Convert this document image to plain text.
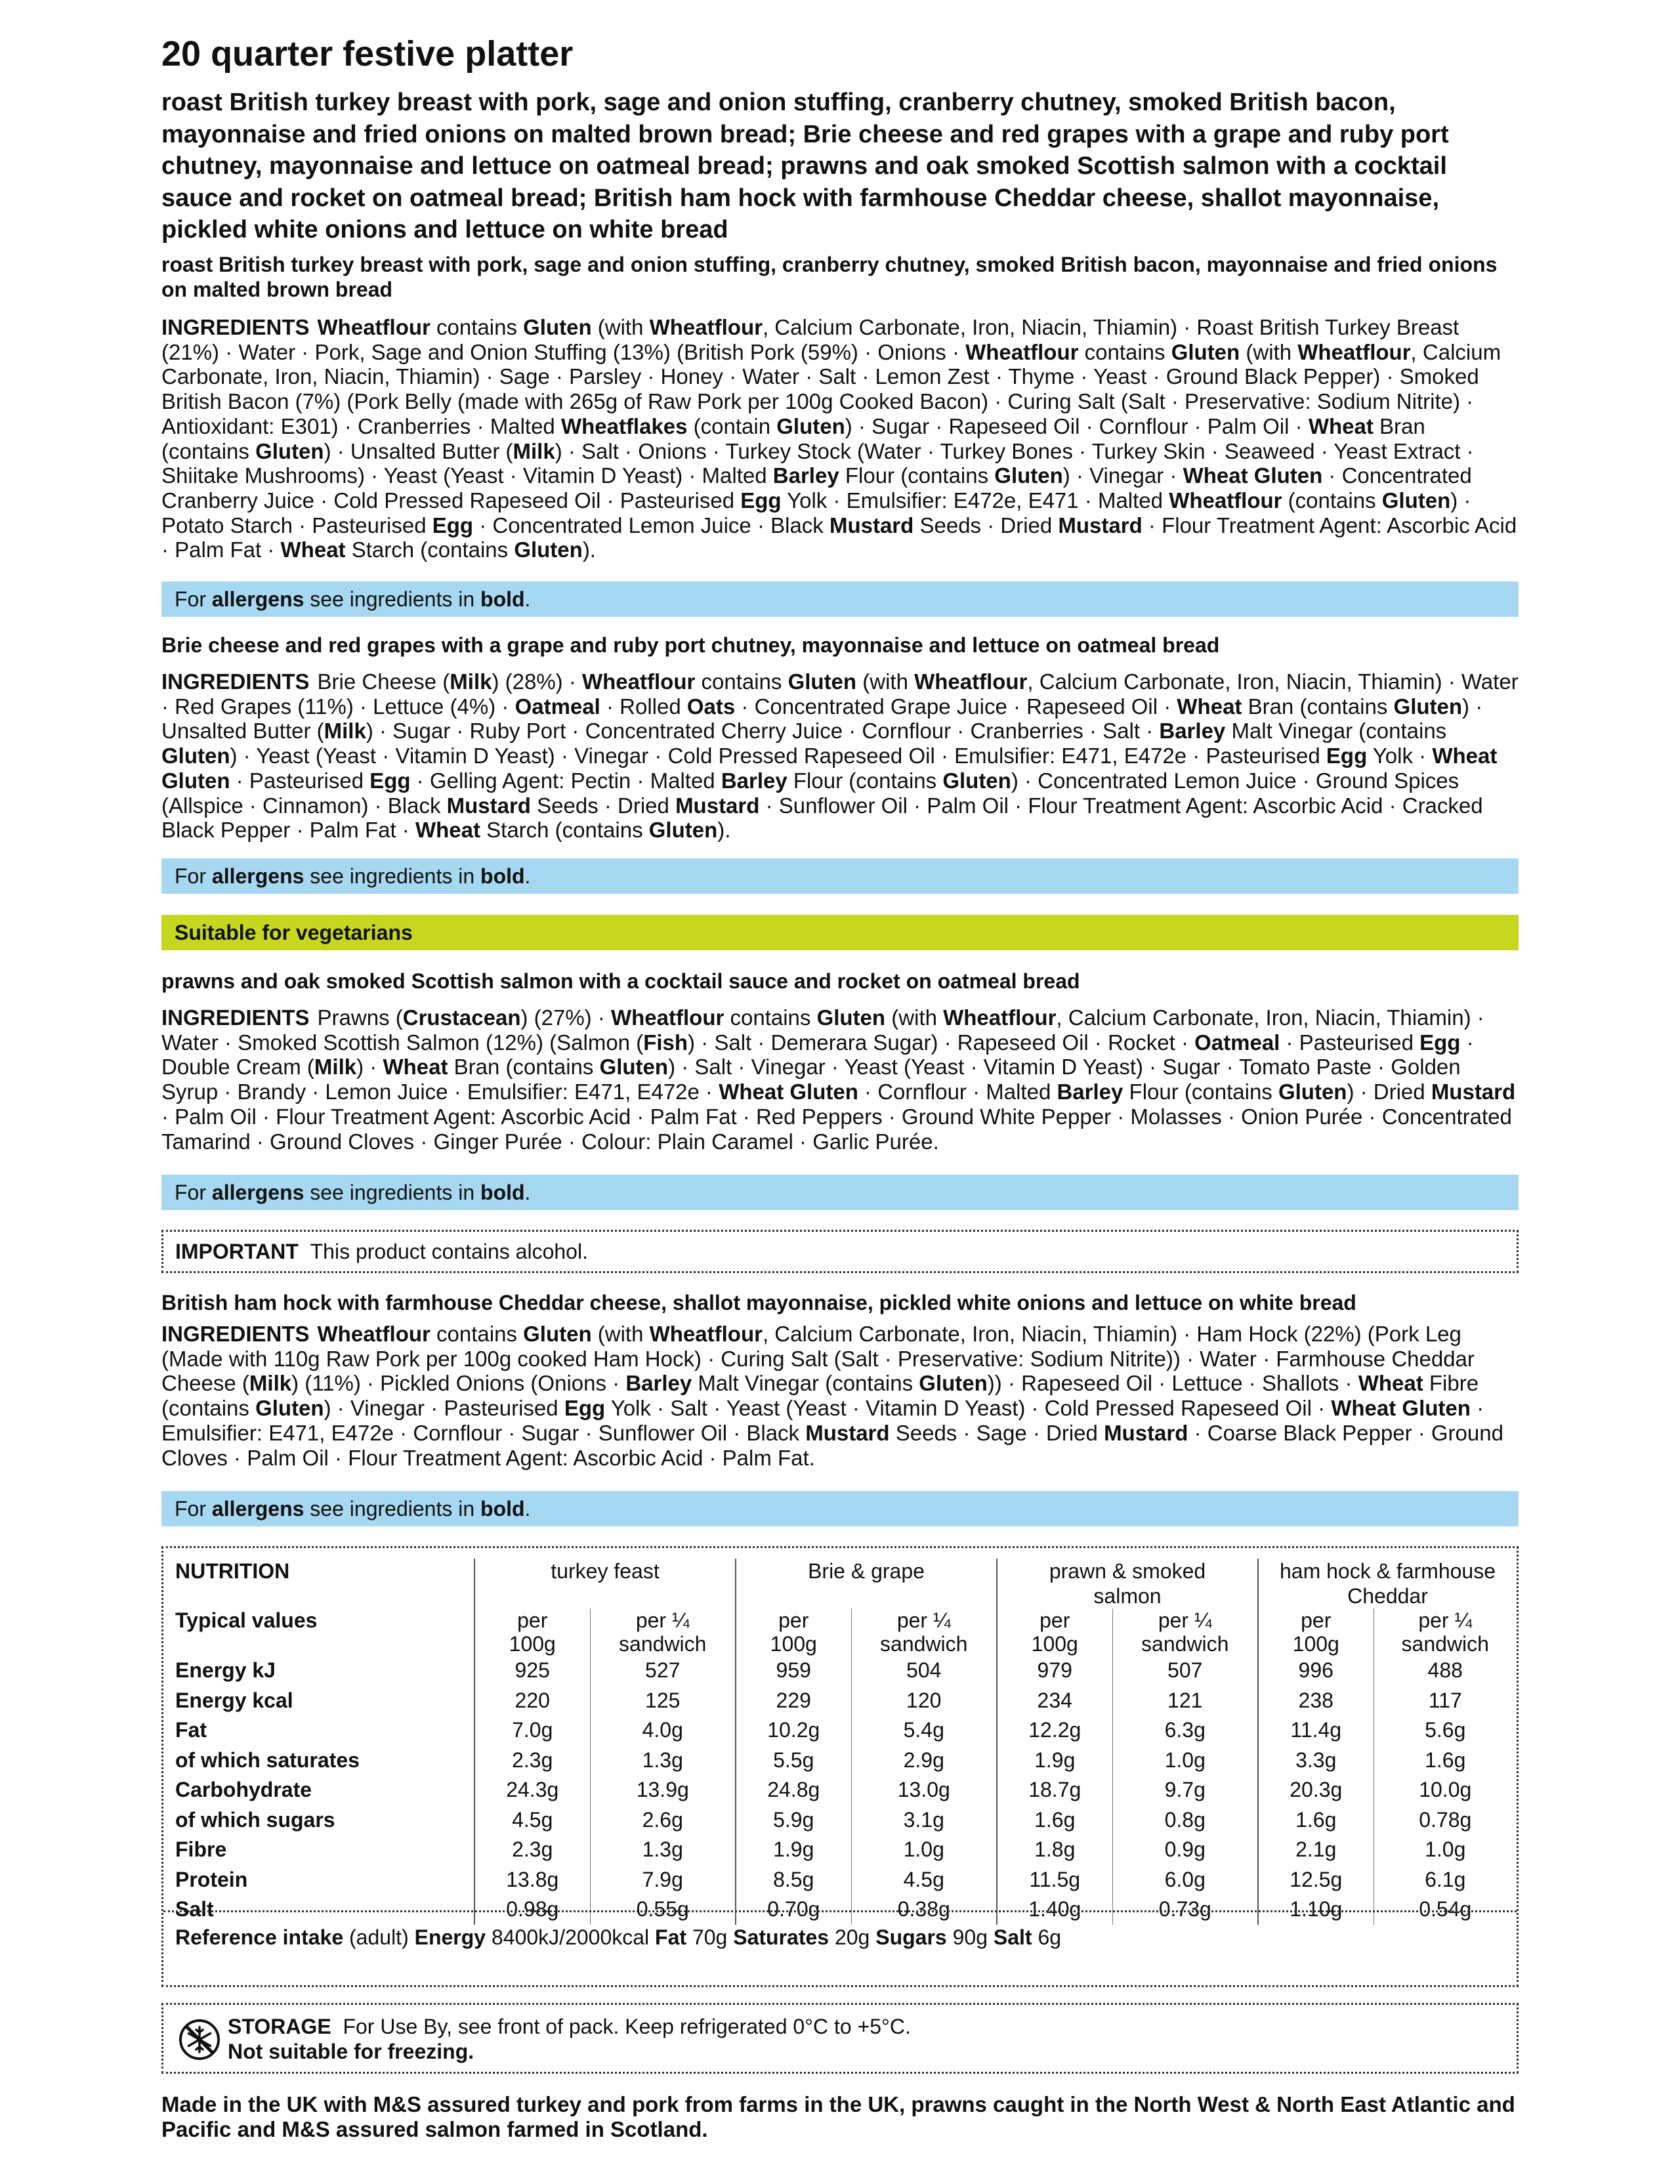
20 quarter festive platter

roast British turkey breast with pork, sage and onion stuffing, cranberry chutney, smoked British bacon, mayonnaise and fried onions on malted brown bread; Brie cheese and red grapes with a grape and ruby port chutney, mayonnaise and lettuce on oatmeal bread; prawns and oak smoked Scottish salmon with a cocktail sauce and rocket on oatmeal bread; British ham hock with farmhouse Cheddar cheese, shallot mayonnaise, pickled white onions and lettuce on white bread

roast British turkey breast with pork, sage and onion stuffing, cranberry chutney, smoked British bacon, mayonnaise and fried onions on malted brown bread
INGREDIENTS Wheatflour contains Gluten (with Wheatflour, Calcium Carbonate, Iron, Niacin, Thiamin) · Roast British Turkey Breast (21%) · Water · Pork, Sage and Onion Stuffing (13%) (British Pork (59%) · Onions · Wheatflour contains Gluten (with Wheatflour, Calcium Carbonate, Iron, Niacin, Thiamin) · Sage · Parsley · Honey · Water · Salt · Lemon Zest · Thyme · Yeast · Ground Black Pepper) · Smoked British Bacon (7%) (Pork Belly (made with 265g of Raw Pork per 100g Cooked Bacon) · Curing Salt (Salt · Preservative: Sodium Nitrite) · Antioxidant: E301) · Cranberries · Malted Wheatflakes (contain Gluten) · Sugar · Rapeseed Oil · Cornflour · Palm Oil · Wheat Bran (contains Gluten) · Unsalted Butter (Milk) · Salt · Onions · Turkey Stock (Water · Turkey Bones · Turkey Skin · Seaweed · Yeast Extract · Shiitake Mushrooms) · Yeast (Yeast · Vitamin D Yeast) · Malted Barley Flour (contains Gluten) · Vinegar · Wheat Gluten · Concentrated Cranberry Juice · Cold Pressed Rapeseed Oil · Pasteurised Egg Yolk · Emulsifier: E472e, E471 · Malted Wheatflour (contains Gluten) · Potato Starch · Pasteurised Egg · Concentrated Lemon Juice · Black Mustard Seeds · Dried Mustard · Flour Treatment Agent: Ascorbic Acid · Palm Fat · Wheat Starch (contains Gluten).
For allergens see ingredients in bold.
Brie cheese and red grapes with a grape and ruby port chutney, mayonnaise and lettuce on oatmeal bread
INGREDIENTS Brie Cheese (Milk) (28%) · Wheatflour contains Gluten (with Wheatflour, Calcium Carbonate, Iron, Niacin, Thiamin) · Water · Red Grapes (11%) · Lettuce (4%) · Oatmeal · Rolled Oats · Concentrated Grape Juice · Rapeseed Oil · Wheat Bran (contains Gluten) · Unsalted Butter (Milk) · Sugar · Ruby Port · Concentrated Cherry Juice · Cornflour · Cranberries · Salt · Barley Malt Vinegar (contains Gluten) · Yeast (Yeast · Vitamin D Yeast) · Vinegar · Cold Pressed Rapeseed Oil · Emulsifier: E471, E472e · Pasteurised Egg Yolk · Wheat Gluten · Pasteurised Egg · Gelling Agent: Pectin · Malted Barley Flour (contains Gluten) · Concentrated Lemon Juice · Ground Spices (Allspice · Cinnamon) · Black Mustard Seeds · Dried Mustard · Sunflower Oil · Palm Oil · Flour Treatment Agent: Ascorbic Acid · Cracked Black Pepper · Palm Fat · Wheat Starch (contains Gluten).
For allergens see ingredients in bold.
Suitable for vegetarians
prawns and oak smoked Scottish salmon with a cocktail sauce and rocket on oatmeal bread
INGREDIENTS Prawns (Crustacean) (27%) · Wheatflour contains Gluten (with Wheatflour, Calcium Carbonate, Iron, Niacin, Thiamin) · Water · Smoked Scottish Salmon (12%) (Salmon (Fish) · Salt · Demerara Sugar) · Rapeseed Oil · Rocket · Oatmeal · Pasteurised Egg · Double Cream (Milk) · Wheat Bran (contains Gluten) · Salt · Vinegar · Yeast (Yeast · Vitamin D Yeast) · Sugar · Tomato Paste · Golden Syrup · Brandy · Lemon Juice · Emulsifier: E471, E472e · Wheat Gluten · Cornflour · Malted Barley Flour (contains Gluten) · Dried Mustard · Palm Oil · Flour Treatment Agent: Ascorbic Acid · Palm Fat · Red Peppers · Ground White Pepper · Molasses · Onion Purée · Concentrated Tamarind · Ground Cloves · Ginger Purée · Colour: Plain Caramel · Garlic Purée.
For allergens see ingredients in bold.
IMPORTANT This product contains alcohol.
British ham hock with farmhouse Cheddar cheese, shallot mayonnaise, pickled white onions and lettuce on white bread
INGREDIENTS Wheatflour contains Gluten (with Wheatflour, Calcium Carbonate, Iron, Niacin, Thiamin) · Ham Hock (22%) (Pork Leg (Made with 110g Raw Pork per 100g cooked Ham Hock) · Curing Salt (Salt · Preservative: Sodium Nitrite)) · Water · Farmhouse Cheddar Cheese (Milk) (11%) · Pickled Onions (Onions · Barley Malt Vinegar (contains Gluten)) · Rapeseed Oil · Lettuce · Shallots · Wheat Fibre (contains Gluten) · Vinegar · Pasteurised Egg Yolk · Salt · Yeast (Yeast · Vitamin D Yeast) · Cold Pressed Rapeseed Oil · Wheat Gluten · Emulsifier: E471, E472e · Cornflour · Sugar · Sunflower Oil · Black Mustard Seeds · Sage · Dried Mustard · Coarse Black Pepper · Ground Cloves · Palm Oil · Flour Treatment Agent: Ascorbic Acid · Palm Fat.
For allergens see ingredients in bold.
NUTRITION	turkey feast		Brie & grape		prawn & smoked salmon		ham hock & farmhouse Cheddar	
Typical values	per 100g	per ¼ sandwich	per 100g	per ¼ sandwich	per 100g	per ¼ sandwich	per 100g	per ¼ sandwich
Energy kJ	925	527	959	504	979	507	996	488
Energy kcal	220	125	229	120	234	121	238	117
Fat	7.0g	4.0g	10.2g	5.4g	12.2g	6.3g	11.4g	5.6g
of which saturates	2.3g	1.3g	5.5g	2.9g	1.9g	1.0g	3.3g	1.6g
Carbohydrate	24.3g	13.9g	24.8g	13.0g	18.7g	9.7g	20.3g	10.0g
of which sugars	4.5g	2.6g	5.9g	3.1g	1.6g	0.8g	1.6g	0.78g
Fibre	2.3g	1.3g	1.9g	1.0g	1.8g	0.9g	2.1g	1.0g
Protein	13.8g	7.9g	8.5g	4.5g	11.5g	6.0g	12.5g	6.1g
Salt	0.98g	0.55g	0.70g	0.38g	1.40g	0.73g	1.10g	0.54g
Reference intake (adult) Energy 8400kJ/2000kcal Fat 70g Saturates 20g Sugars 90g Salt 6g
STORAGE For Use By, see front of pack. Keep refrigerated 0°C to +5°C.
Not suitable for freezing.
Made in the UK with M&S assured turkey and pork from farms in the UK, prawns caught in the North West & North East Atlantic and Pacific and M&S assured salmon farmed in Scotland.
